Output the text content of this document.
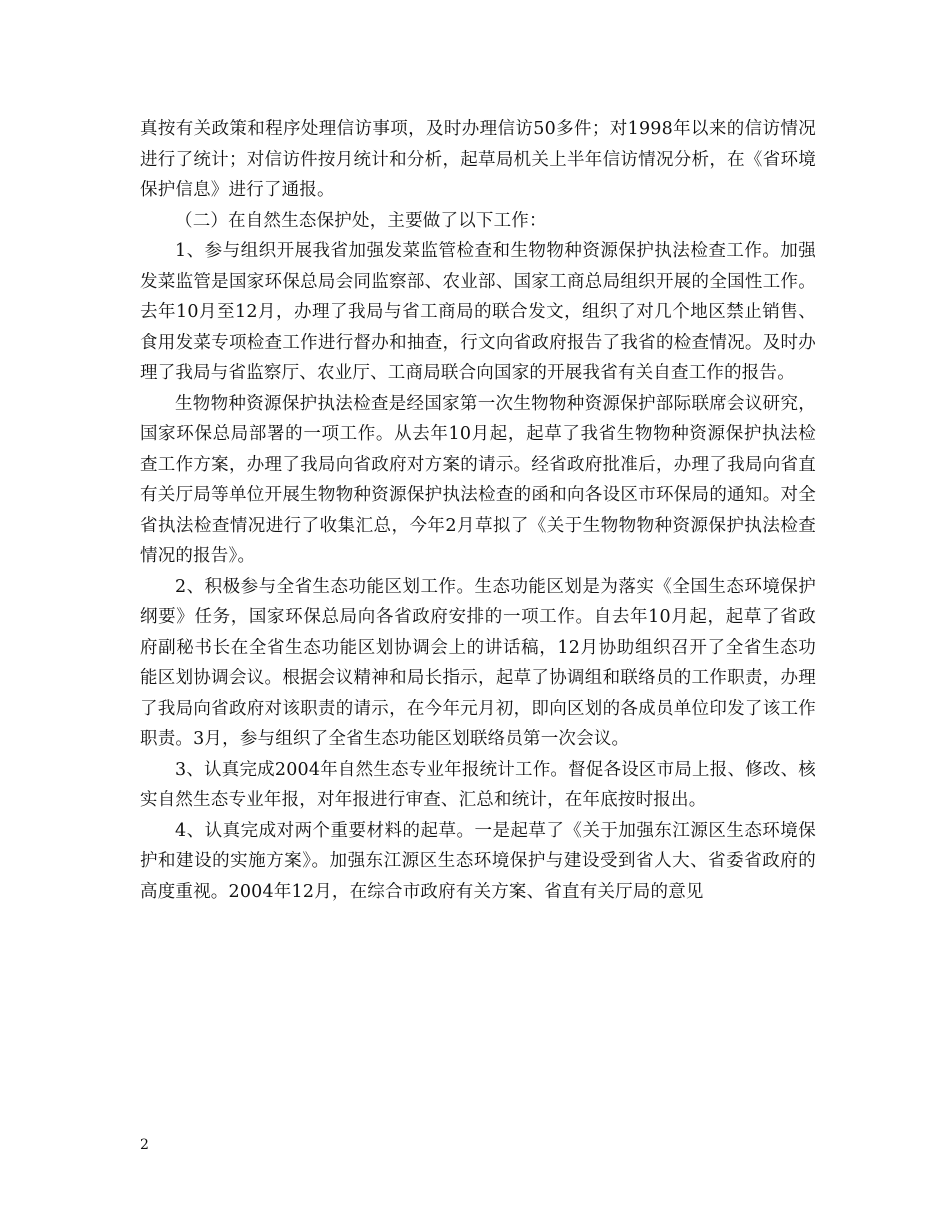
真按有关政策和程序处理信访事项，及时办理信访50多件；对1998年以来的信访情况进行了统计；对信访件按月统计和分析，起草局机关上半年信访情况分析，在《省环境保护信息》进行了通报。

（二）在自然生态保护处，主要做了以下工作：

1、参与组织开展我省加强发菜监管检查和生物物种资源保护执法检查工作。加强发菜监管是国家环保总局会同监察部、农业部、国家工商总局组织开展的全国性工作。去年10月至12月，办理了我局与省工商局的联合发文，组织了对几个地区禁止销售、食用发菜专项检查工作进行督办和抽查，行文向省政府报告了我省的检查情况。及时办理了我局与省监察厅、农业厅、工商局联合向国家的开展我省有关自查工作的报告。

生物物种资源保护执法检查是经国家第一次生物物种资源保护部际联席会议研究，国家环保总局部署的一项工作。从去年10月起，起草了我省生物物种资源保护执法检查工作方案，办理了我局向省政府对方案的请示。经省政府批准后，办理了我局向省直有关厅局等单位开展生物物种资源保护执法检查的函和向各设区市环保局的通知。对全省执法检查情况进行了收集汇总，今年2月草拟了《关于生物物物种资源保护执法检查情况的报告》。

2、积极参与全省生态功能区划工作。生态功能区划是为落实《全国生态环境保护纲要》任务，国家环保总局向各省政府安排的一项工作。自去年10月起，起草了省政府副秘书长在全省生态功能区划协调会上的讲话稿，12月协助组织召开了全省生态功能区划协调会议。根据会议精神和局长指示，起草了协调组和联络员的工作职责，办理了我局向省政府对该职责的请示，在今年元月初，即向区划的各成员单位印发了该工作职责。3月，参与组织了全省生态功能区划联络员第一次会议。

3、认真完成2004年自然生态专业年报统计工作。督促各设区市局上报、修改、核实自然生态专业年报，对年报进行审查、汇总和统计，在年底按时报出。

4、认真完成对两个重要材料的起草。一是起草了《关于加强东江源区生态环境保护和建设的实施方案》。加强东江源区生态环境保护与建设受到省人大、省委省政府的高度重视。2004年12月，在综合市政府有关方案、省直有关厅局的意见

2
